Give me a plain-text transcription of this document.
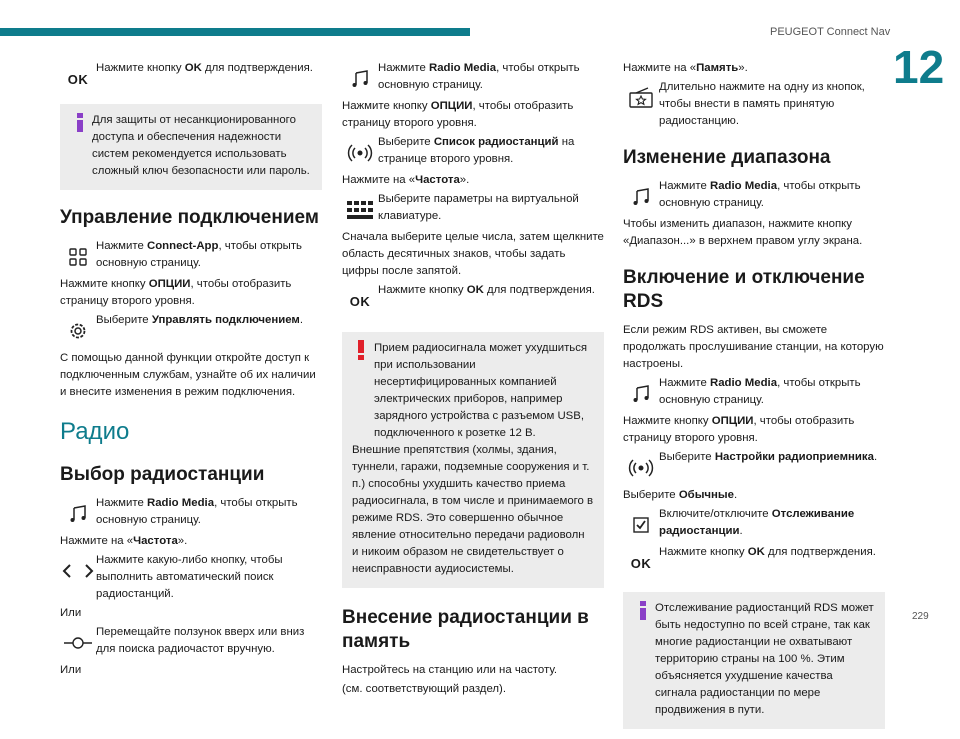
PEUGEOT Connect Nav
12
229
OK
Нажмите кнопку OK для подтверждения.
Для защиты от несанкционированного доступа и обеспечения надежности систем рекомендуется использовать сложный ключ безопасности или пароль.
Управление подключением
Нажмите Connect-App, чтобы открыть основную страницу.
Нажмите кнопку ОПЦИИ, чтобы отобразить страницу второго уровня.
Выберите Управлять подключением.
С помощью данной функции откройте доступ к подключенным службам, узнайте об их наличии и внесите изменения в режим подключения.
Радио
Выбор радиостанции
Нажмите Radio Media, чтобы открыть основную страницу.
Нажмите на «Частота».
Нажмите какую-либо кнопку, чтобы выполнить автоматический поиск радиостанций.
Или
Перемещайте ползунок вверх или вниз для поиска радиочастот вручную.
Или
Нажмите Radio Media, чтобы открыть основную страницу.
Нажмите кнопку ОПЦИИ, чтобы отобразить страницу второго уровня.
Выберите Список радиостанций на странице второго уровня.
Нажмите на «Частота».
Выберите параметры на виртуальной клавиатуре.
Сначала выберите целые числа, затем щелкните область десятичных знаков, чтобы задать цифры после запятой.
OK
Нажмите кнопку OK для подтверждения.
Прием радиосигнала может ухудшиться при использовании несертифицированных компанией электрических приборов, например зарядного устройства с разъемом USB, подключенного к розетке 12 В.
Внешние препятствия (холмы, здания, туннели, гаражи, подземные сооружения и т. п.) способны ухудшить качество приема радиосигнала, в том числе и принимаемого в режиме RDS. Это совершенно обычное явление относительно передачи радиоволн и никоим образом не свидетельствует о неисправности аудиосистемы.
Внесение радиостанции в память
Настройтесь на станцию или на частоту.
(см. соответствующий раздел).
Нажмите на «Память».
Длительно нажмите на одну из кнопок, чтобы внести в память принятую радиостанцию.
Изменение диапазона
Нажмите Radio Media, чтобы открыть основную страницу.
Чтобы изменить диапазон, нажмите кнопку «Диапазон...» в верхнем правом углу экрана.
Включение и отключение RDS
Если режим RDS активен, вы сможете продолжать прослушивание станции, на которую настроены.
Нажмите Radio Media, чтобы открыть основную страницу.
Нажмите кнопку ОПЦИИ, чтобы отобразить страницу второго уровня.
Выберите Настройки радиоприемника.
Выберите Обычные.
Включите/отключите Отслеживание радиостанции.
OK
Нажмите кнопку OK для подтверждения.
Отслеживание радиостанций RDS может быть недоступно по всей стране, так как многие радиостанции не охватывают территорию страны на 100 %. Этим объясняется ухудшение качества сигнала радиостанции по мере продвижения в пути.
